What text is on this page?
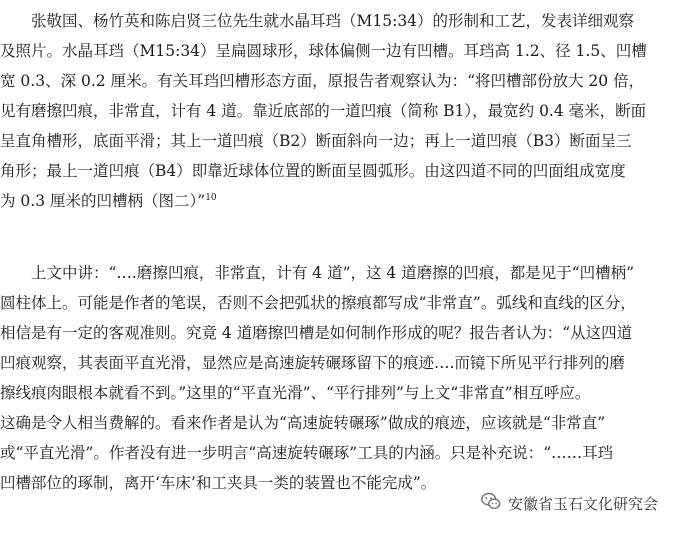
　　张敬国、杨竹英和陈启贤三位先生就水晶耳珰（M15:34）的形制和工艺，发表详细观察
及照片。水晶耳珰（M15:34）呈扁圆球形，球体偏侧一边有凹槽。耳珰高 1.2、径 1.5、凹槽
宽 0.3、深 0.2 厘米。有关耳珰凹槽形态方面，原报告者观察认为：“将凹槽部份放大 20 倍，
见有磨擦凹痕，非常直，计有 4 道。靠近底部的一道凹痕（简称 B1），最宽约 0.4 毫米，断面
呈直角槽形，底面平滑；其上一道凹痕（B2）断面斜向一边；再上一道凹痕（B3）断面呈三
角形；最上一道凹痕（B4）即靠近球体位置的断面呈圆弧形。由这四道不同的凹面组成宽度
为 0.3 厘米的凹槽柄（图二）”$^{10}$
　　上文中讲：“….磨擦凹痕，非常直，计有 4 道”，这 4 道磨擦的凹痕，都是见于“凹槽柄”
圆柱体上。可能是作者的笔误，否则不会把弧状的擦痕都写成“非常直”。弧线和直线的区分，
相信是有一定的客观准则。究竟 4 道磨擦凹槽是如何制作形成的呢？报告者认为：“从这四道
凹痕观察，其表面平直光滑，显然应是高速旋转碾琢留下的痕迹….而镜下所见平行排列的磨
擦线痕肉眼根本就看不到。”这里的“平直光滑”、“平行排列”与上文“非常直”相互呼应。
这确是令人相当费解的。看来作者是认为“高速旋转碾琢”做成的痕迹，应该就是“非常直”
或“平直光滑”。作者没有进一步明言“高速旋转碾琢”工具的内涵。只是补充说：“……耳珰
凹槽部位的琢制，离开‘车床’和工夹具一类的装置也不能完成”。
安徽省玉石文化研究会
